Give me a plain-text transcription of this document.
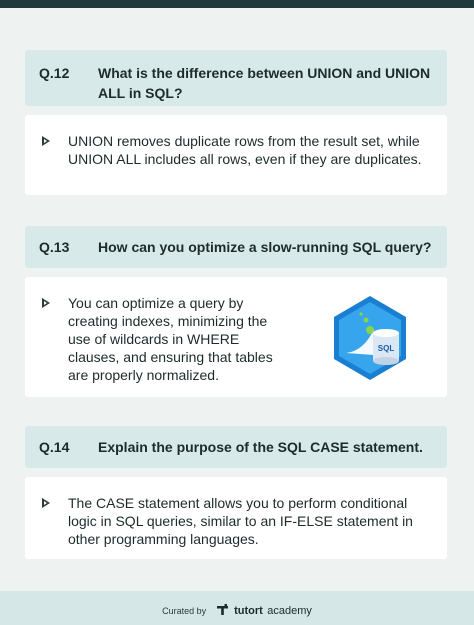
Q.12 What is the difference between UNION and UNION ALL in SQL?
UNION removes duplicate rows from the result set, while UNION ALL includes all rows, even if they are duplicates.
Q.13 How can you optimize a slow-running SQL query?
You can optimize a query by creating indexes, minimizing the use of wildcards in WHERE clauses, and ensuring that tables are properly normalized.
SQL
Q.14 Explain the purpose of the SQL CASE statement.
The CASE statement allows you to perform conditional logic in SQL queries, similar to an IF-ELSE statement in other programming languages.
Curated by	tutort academy
